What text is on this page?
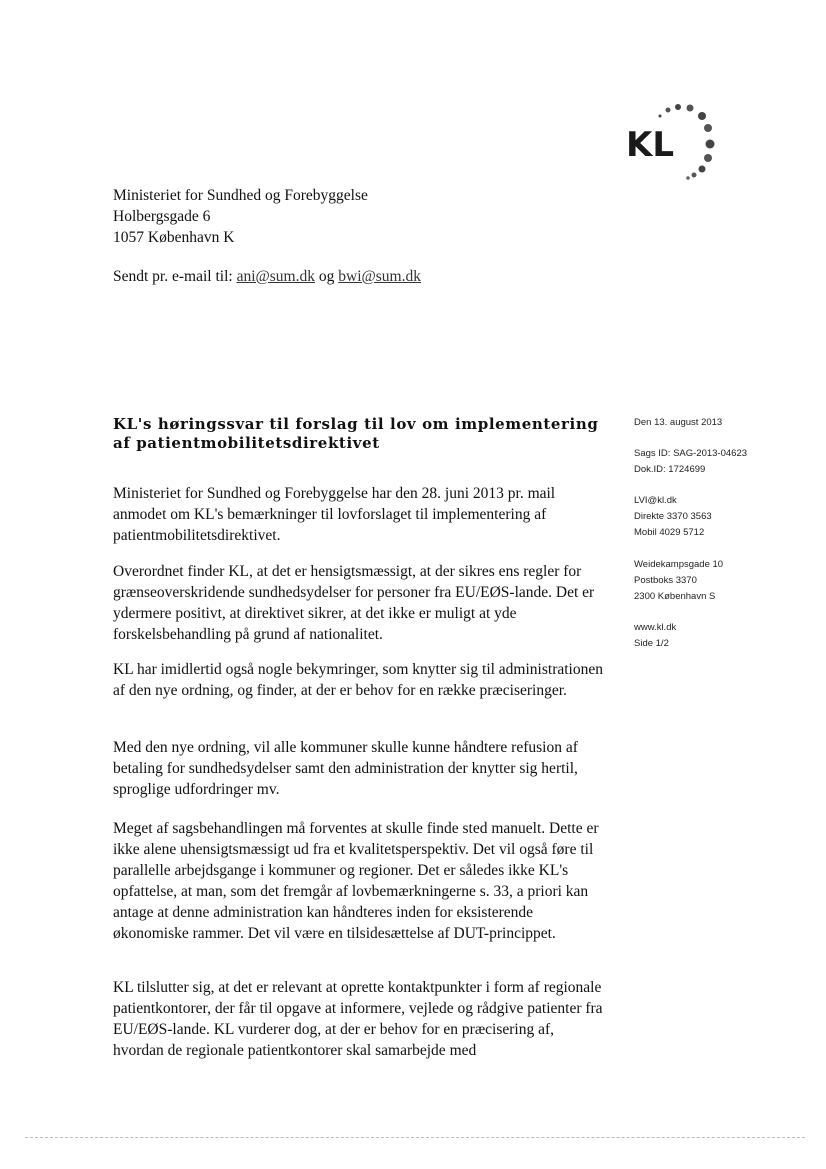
KL
Ministeriet for Sundhed og Forebyggelse
Holbergsgade 6
1057 København K
Sendt pr. e-mail til: ani@sum.dk og bwi@sum.dk
KL's høringssvar til forslag til lov om implementering af patientmobilitetsdirektivet

Ministeriet for Sundhed og Forebyggelse har den 28. juni 2013 pr. mail anmodet om KL's bemærkninger til lovforslaget til implementering af patientmobilitetsdirektivet.

Overordnet finder KL, at det er hensigtsmæssigt, at der sikres ens regler for grænseoverskridende sundhedsydelser for personer fra EU/EØS-lande. Det er ydermere positivt, at direktivet sikrer, at det ikke er muligt at yde forskelsbehandling på grund af nationalitet.

KL har imidlertid også nogle bekymringer, som knytter sig til administrationen af den nye ordning, og finder, at der er behov for en række præciseringer.

Med den nye ordning, vil alle kommuner skulle kunne håndtere refusion af betaling for sundhedsydelser samt den administration der knytter sig hertil, sproglige udfordringer mv.

Meget af sagsbehandlingen må forventes at skulle finde sted manuelt. Dette er ikke alene uhensigtsmæssigt ud fra et kvalitetsperspektiv. Det vil også føre til parallelle arbejdsgange i kommuner og regioner. Det er således ikke KL's opfattelse, at man, som det fremgår af lovbemærkningerne s. 33, a priori kan antage at denne administration kan håndteres inden for eksisterende økonomiske rammer. Det vil være en tilsidesættelse af DUT-princippet.

KL tilslutter sig, at det er relevant at oprette kontaktpunkter i form af regionale patientkontorer, der får til opgave at informere, vejlede og rådgive patienter fra EU/EØS-lande. KL vurderer dog, at der er behov for en præcisering af, hvordan de regionale patientkontorer skal samarbejde med

Den 13. august 2013
Sags ID: SAG-2013-04623
Dok.ID: 1724699
LVI@kl.dk
Direkte 3370 3563
Mobil 4029 5712
Weidekampsgade 10
Postboks 3370
2300 København S
www.kl.dk
Side 1/2
